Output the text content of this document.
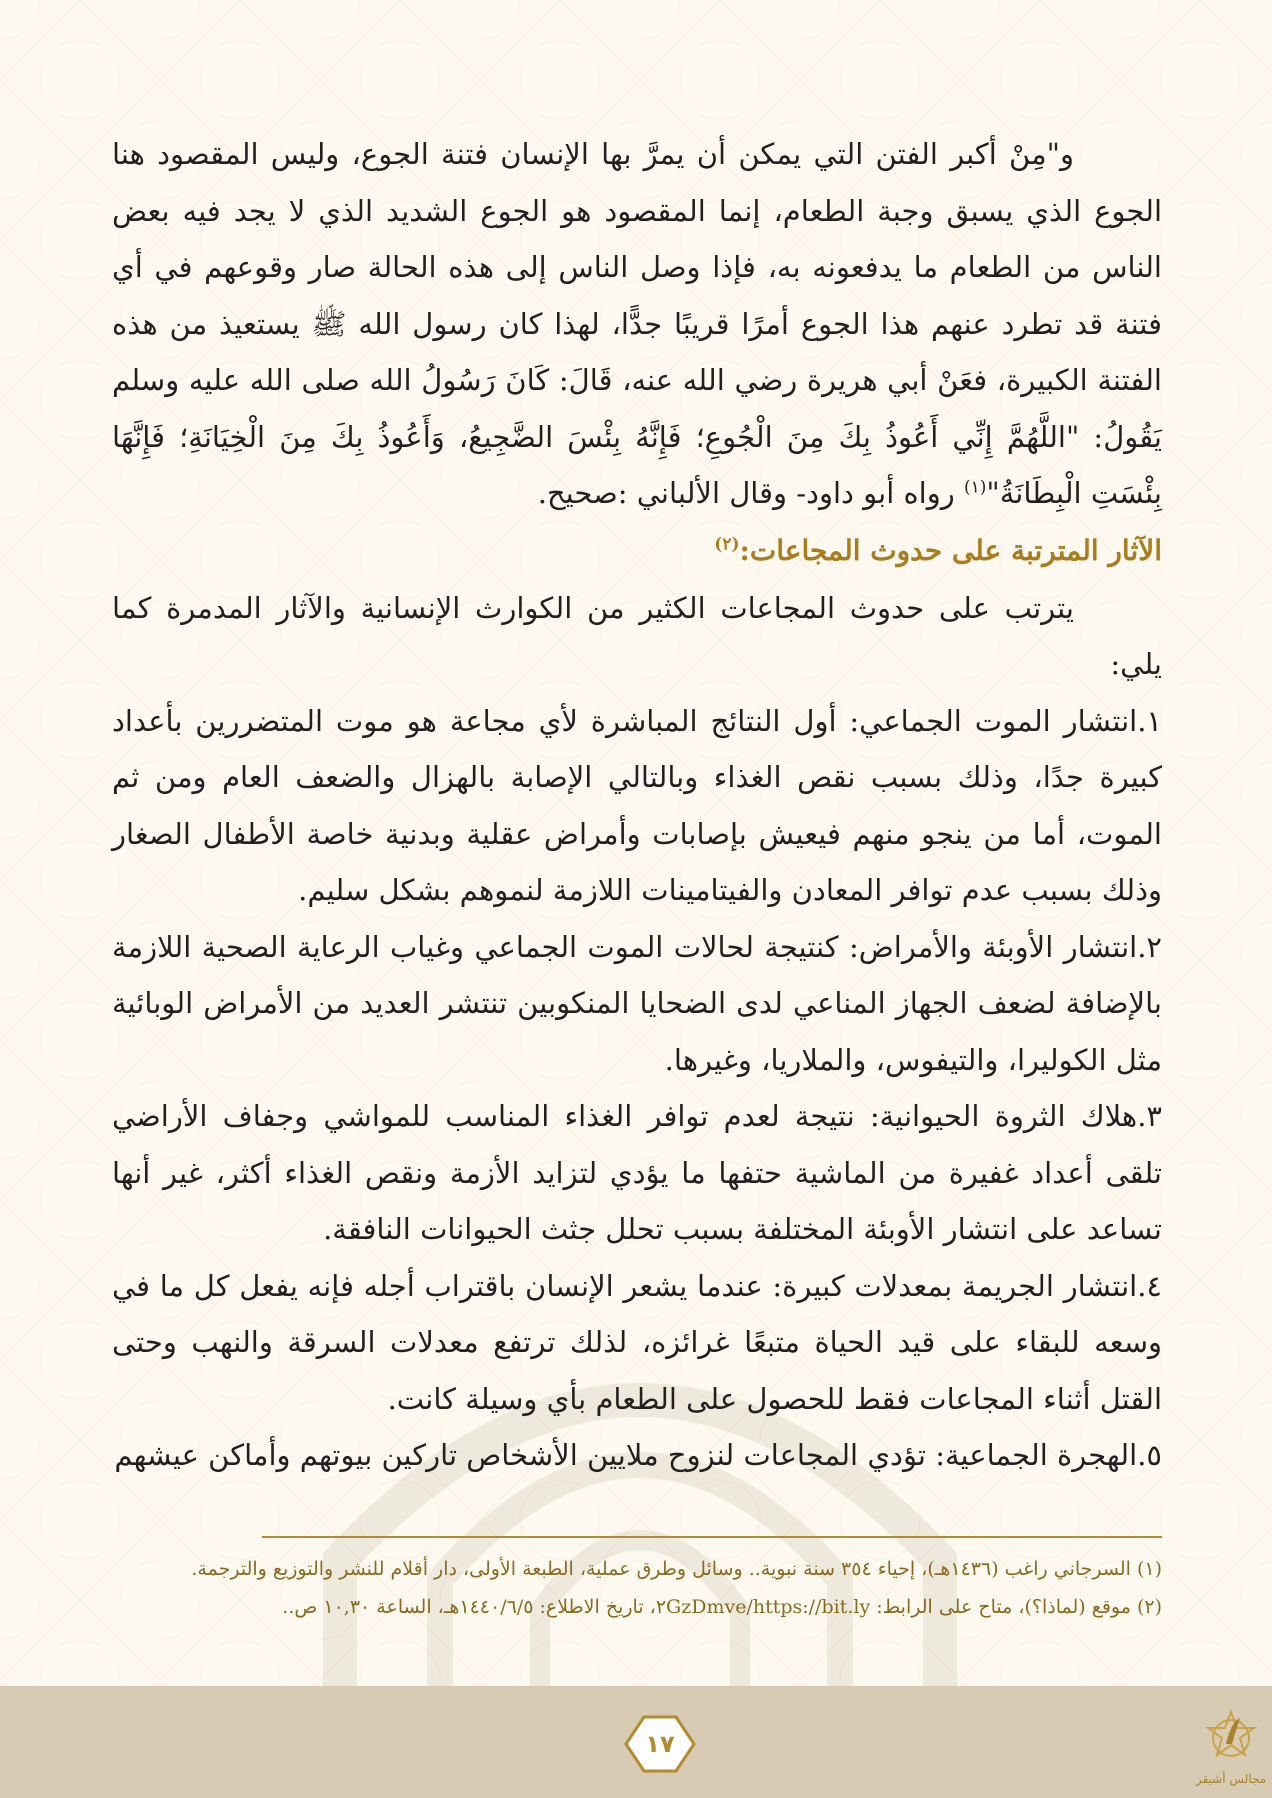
و"مِنْ أكبر الفتن التي يمكن أن يمرَّ بها الإنسان فتنة الجوع، وليس المقصود هنا الجوع الذي يسبق وجبة الطعام، إنما المقصود هو الجوع الشديد الذي لا يجد فيه بعض الناس من الطعام ما يدفعونه به، فإذا وصل الناس إلى هذه الحالة صار وقوعهم في أي فتنة قد تطرد عنهم هذا الجوع أمرًا قريبًا جدًّا، لهذا كان رسول الله ﷺ يستعيذ من هذه الفتنة الكبيرة، فعَنْ أبي هريرة رضي الله عنه، قَالَ: كَانَ رَسُولُ الله صلى الله عليه وسلم يَقُولُ: "اللَّهُمَّ إِنِّي أَعُوذُ بِكَ مِنَ الْجُوعِ؛ فَإِنَّهُ بِئْسَ الضَّجِيعُ، وَأَعُوذُ بِكَ مِنَ الْخِيَانَةِ؛ فَإِنَّهَا بِئْسَتِ الْبِطَانَةُ"$^{(١)}$ رواه أبو داود- وقال الألباني :صحيح.

الآثار المترتبة على حدوث المجاعات:$^{(٢)}$

يترتب على حدوث المجاعات الكثير من الكوارث الإنسانية والآثار المدمرة كما يلي:

١.انتشار الموت الجماعي: أول النتائج المباشرة لأي مجاعة هو موت المتضررين بأعداد كبيرة جدًا، وذلك بسبب نقص الغذاء وبالتالي الإصابة بالهزال والضعف العام ومن ثم الموت، أما من ينجو منهم فيعيش بإصابات وأمراض عقلية وبدنية خاصة الأطفال الصغار وذلك بسبب عدم توافر المعادن والفيتامينات اللازمة لنموهم بشكل سليم.

٢.انتشار الأوبئة والأمراض: كنتيجة لحالات الموت الجماعي وغياب الرعاية الصحية اللازمة بالإضافة لضعف الجهاز المناعي لدى الضحايا المنكوبين تنتشر العديد من الأمراض الوبائية مثل الكوليرا، والتيفوس، والملاريا، وغيرها.

٣.هلاك الثروة الحيوانية: نتيجة لعدم توافر الغذاء المناسب للمواشي وجفاف الأراضي تلقى أعداد غفيرة من الماشية حتفها ما يؤدي لتزايد الأزمة ونقص الغذاء أكثر، غير أنها تساعد على انتشار الأوبئة المختلفة بسبب تحلل جثث الحيوانات النافقة.

٤.انتشار الجريمة بمعدلات كبيرة: عندما يشعر الإنسان باقتراب أجله فإنه يفعل كل ما في وسعه للبقاء على قيد الحياة متبعًا غرائزه، لذلك ترتفع معدلات السرقة والنهب وحتى القتل أثناء المجاعات فقط للحصول على الطعام بأي وسيلة كانت.

٥.الهجرة الجماعية: تؤدي المجاعات لنزوح ملايين الأشخاص تاركين بيوتهم وأماكن عيشهم

(١) السرجاني راغب (١٤٣٦هـ)، إحياء ٣٥٤ سنة نبوية.. وسائل وطرق عملية، الطبعة الأولى، دار أقلام للنشر والتوزيع والترجمة.

(٢) موقع (لماذا؟)، متاح على الرابط: ٢GzDmve/https://bit.ly، تاريخ الاطلاع: ١٤٤٠/٦/٥هـ، الساعة ١٠,٣٠ ص..

١٧
مجالس أشيقر
